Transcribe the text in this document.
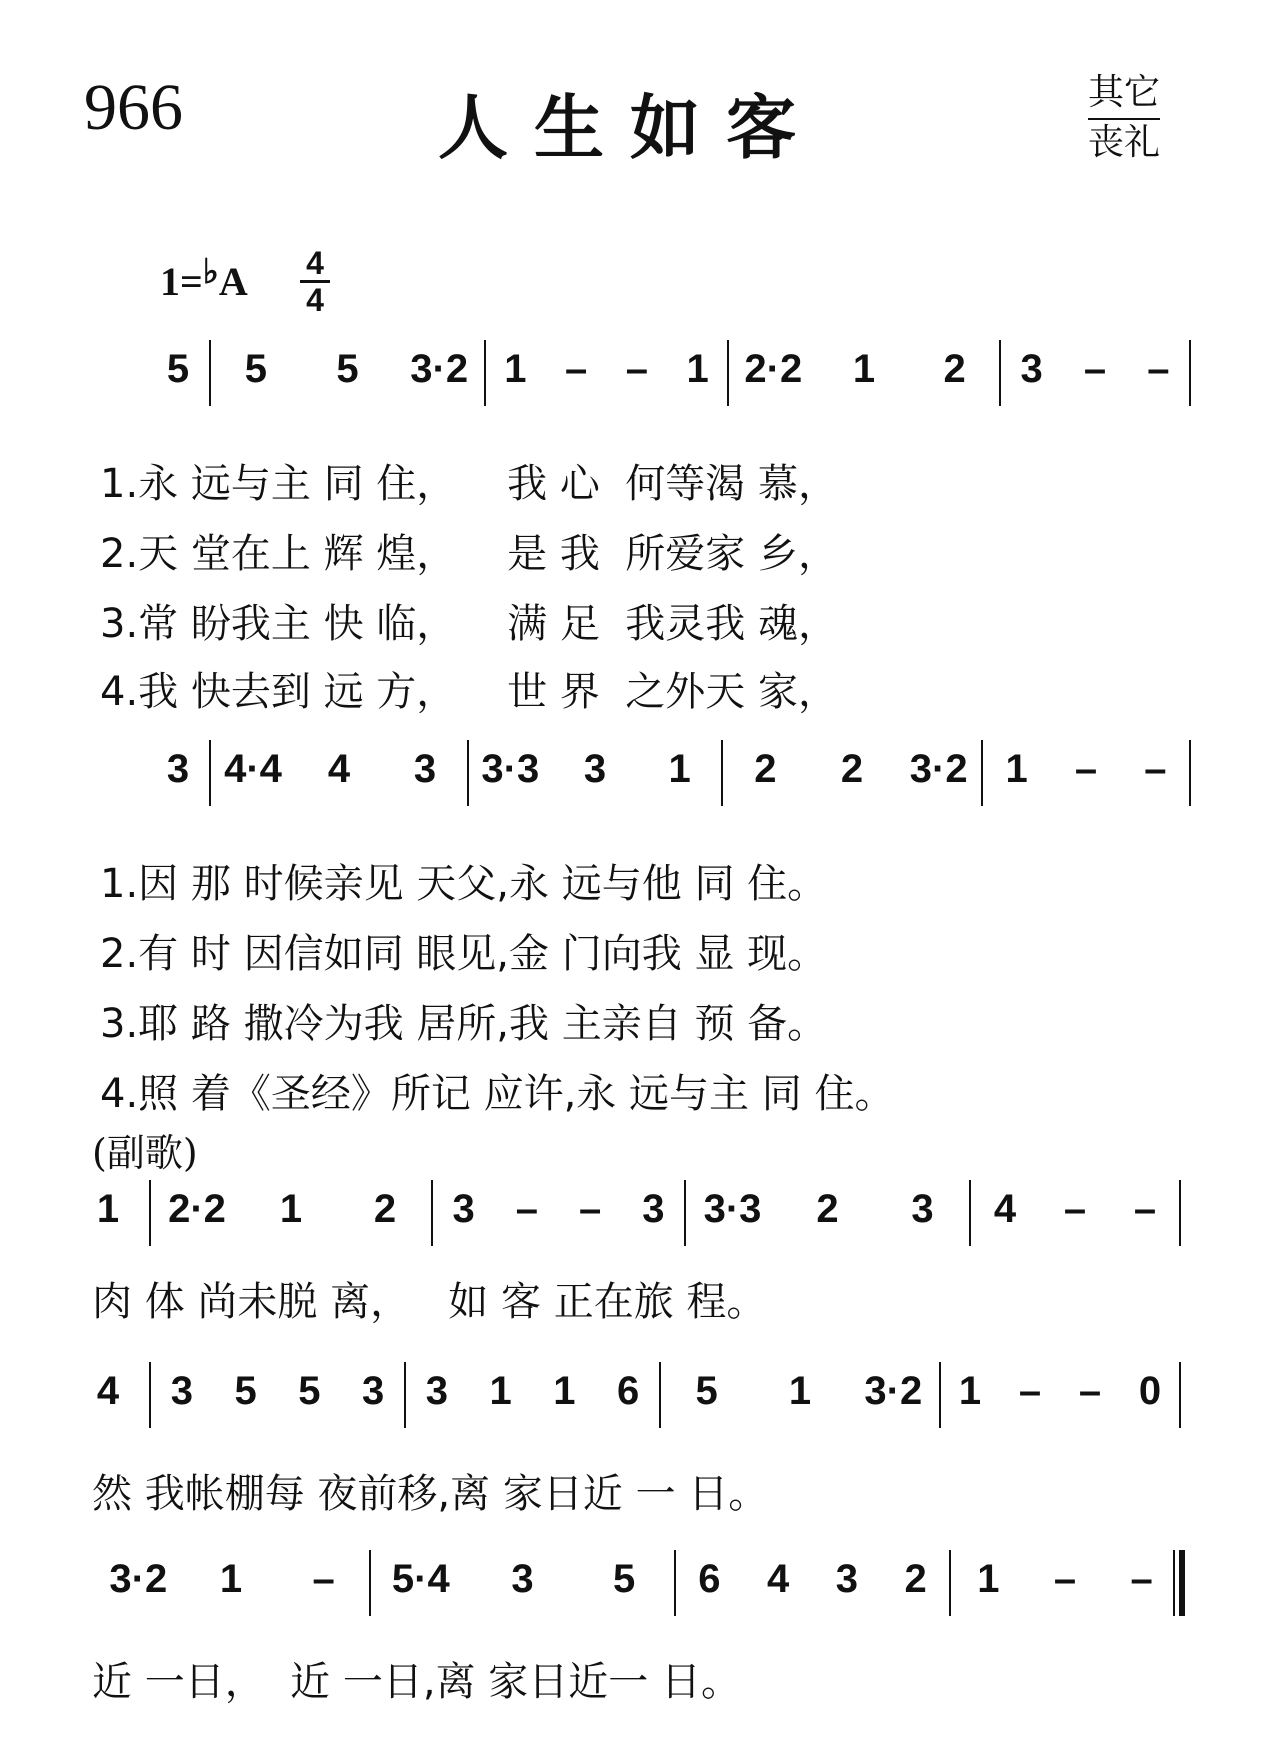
966	人生如客	其它
丧礼
$1=^♭A \frac{4}{4}$
5 5 5 3·2 1 – – 1 2·2 1 2 3 – –
3 4·4 4 3 3·3 3 1 2 2 3·2 1 – –
1 2·2 1 2 3 – – 3 3·3 2 3 4 – –
4 3 5 5 3 3 1 1 6 5 1 3·2 1 – – 0
3·2 1 – 5·4 3 5 6 4 3 2 1 – –
1.永 远与主 同 住，    我 心  何等渴 慕，
2.天 堂在上 辉 煌，    是 我  所爱家 乡，
3.常 盼我主 快 临，    满 足  我灵我 魂，
4.我 快去到 远 方，    世 界  之外天 家，
1.因 那 时候亲见 天父,永 远与他 同 住。
2.有 时 因信如同 眼见,金 门向我 显 现。
3.耶 路 撒冷为我 居所,我 主亲自 预 备。
4.照 着《圣经》所记 应许,永 远与主 同 住。
(副歌)
肉 体 尚未脱 离，   如 客 正在旅 程。
然 我帐棚每 夜前移,离 家日近 一 日。
近 一日，  近 一日,离 家日近一 日。
